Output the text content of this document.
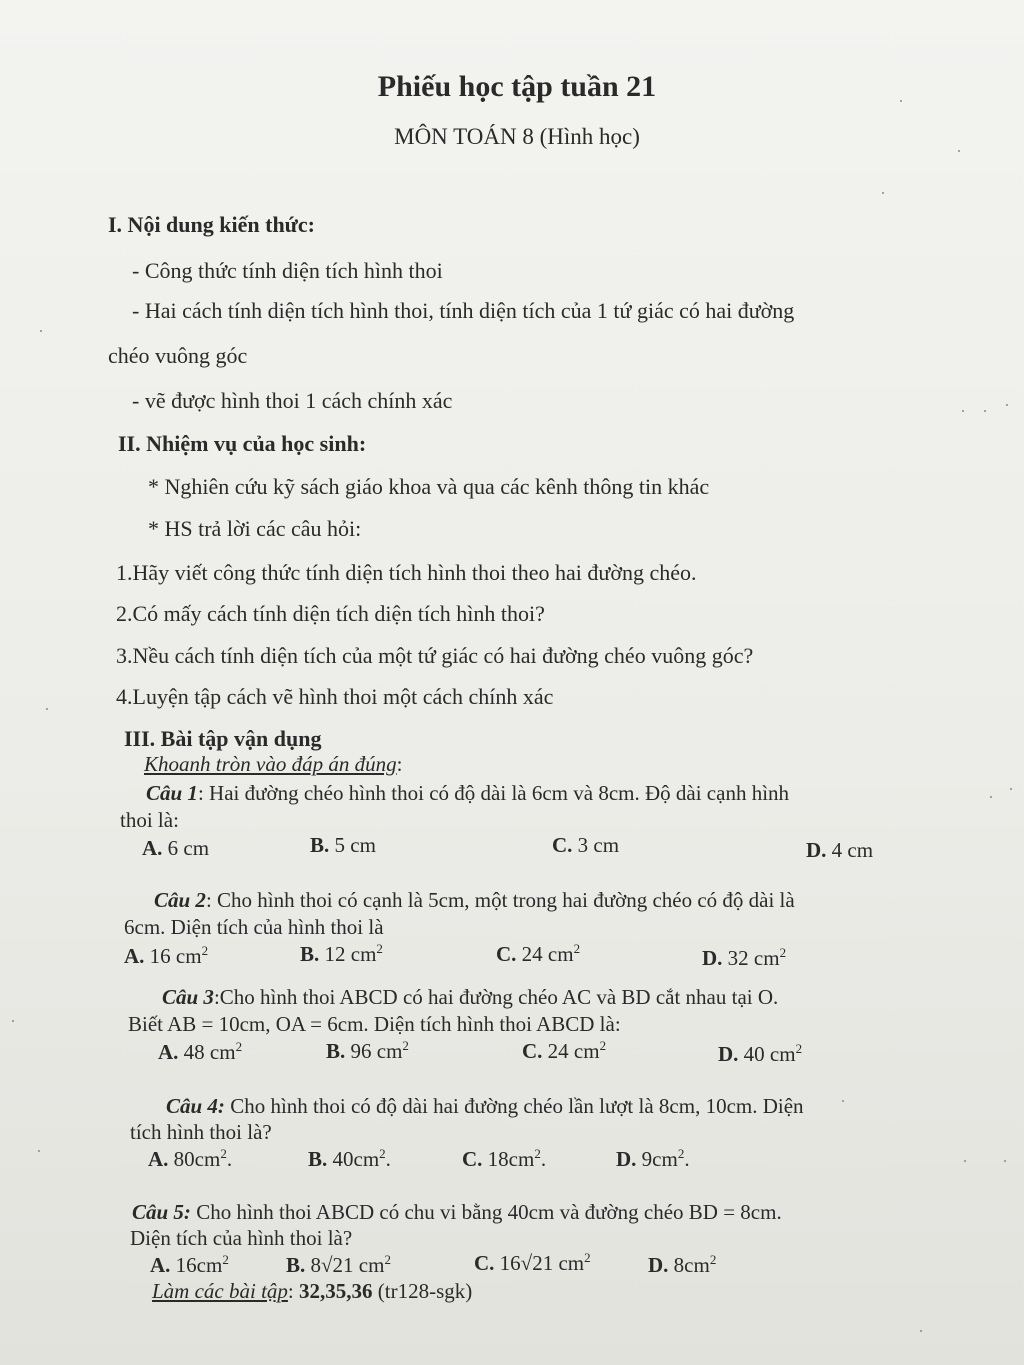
Phiếu học tập tuần 21
MÔN TOÁN 8 (Hình học)
I. Nội dung kiến thức:
- Công thức tính diện tích hình thoi
- Hai cách tính diện tích hình thoi, tính diện tích của 1 tứ giác có hai đường
chéo vuông góc
- vẽ được hình thoi 1 cách chính xác
II. Nhiệm vụ của học sinh:
* Nghiên cứu kỹ sách giáo khoa và qua các kênh thông tin khác
* HS trả lời các câu hỏi:
1.Hãy viết công thức tính diện tích hình thoi theo hai đường chéo.
2.Có mấy cách tính diện tích diện tích hình thoi?
3.Nều cách tính diện tích của một tứ giác có hai đường chéo vuông góc?
4.Luyện tập cách vẽ hình thoi một cách chính xác
III. Bài tập vận dụng
Khoanh tròn vào đáp án đúng:
Câu 1: Hai đường chéo hình thoi có độ dài là 6cm và 8cm. Độ dài cạnh hình
thoi là:
A. 6 cm	B. 5 cm	C. 3 cm	D. 4 cm
Câu 2: Cho hình thoi có cạnh là 5cm, một trong hai đường chéo có độ dài là
6cm. Diện tích của hình thoi là
A. 16 $cm^2$	B. 12 $cm^2$	C. 24 $cm^2$	D. 32 $cm^2$
Câu 3:Cho hình thoi ABCD có hai đường chéo AC và BD cắt nhau tại O.
Biết AB = 10cm, OA = 6cm. Diện tích hình thoi ABCD là:
A. 48 $cm^2$	B. 96 $cm^2$	C. 24 $cm^2$	D. 40 $cm^2$
Câu 4: Cho hình thoi có độ dài hai đường chéo lần lượt là 8cm, 10cm. Diện
tích hình thoi là?
A. $80cm^2$.	B. $40cm^2$.	C. $18cm^2$.	D. $9cm^2$.
Câu 5: Cho hình thoi ABCD có chu vi bằng 40cm và đường chéo BD = 8cm.
Diện tích của hình thoi là?
A. $16cm^2$	B. 8√21 $cm^2$	C. 16√21 $cm^2$	D. $8cm^2$
Làm các bài tập: 32,35,36 (tr128-sgk)
